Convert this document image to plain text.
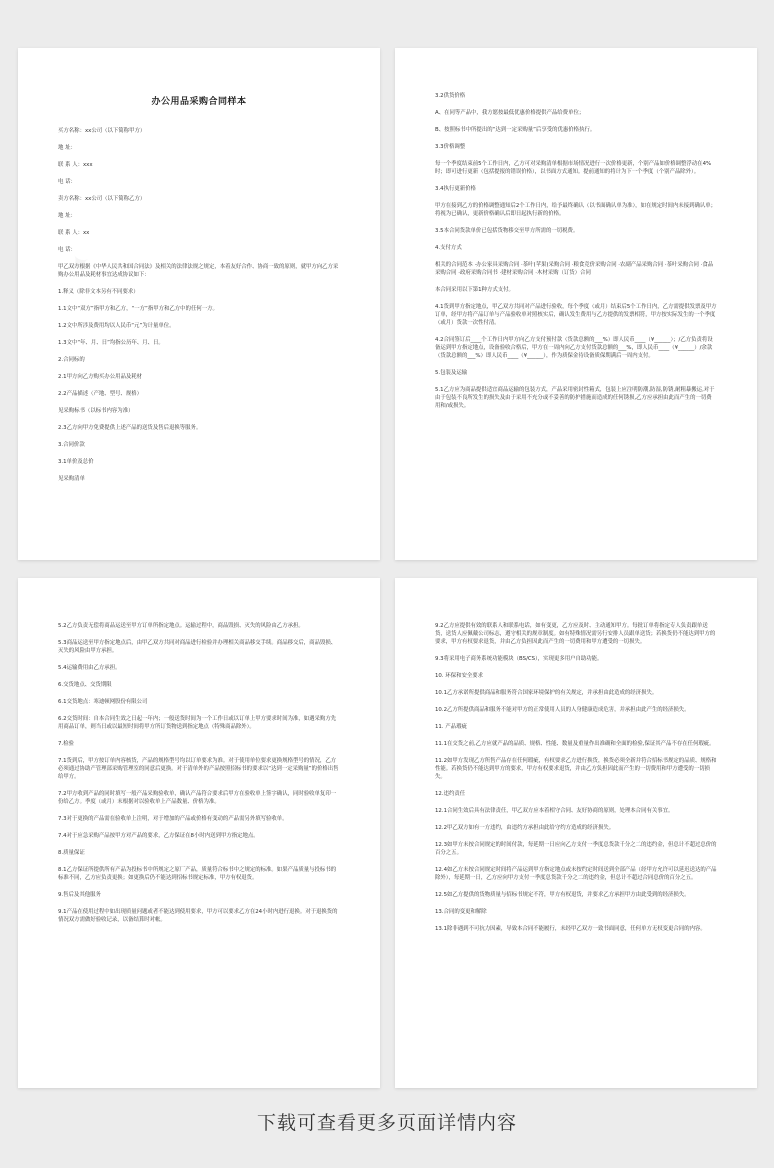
办公用品采购合同样本
买方名称：xx公司（以下简称甲方）
地 址：
联 系 人：xxx
电 话：
卖方名称：xx公司（以下简称乙方）
地 址：
联 系 人：xx
电 话：
甲乙双方根据《中华人民共和国合同法》及相关的法律法规之规定，本着友好合作、协商一致的原则，就甲方向乙方采购办公用品及耗材事宜达成协议如下：
1.释义（除非文本另有不同要求）
1.1文中“双方”指甲方和乙方，“一方”指甲方和乙方中的任何一方。
1.2文中所涉及费用均以人民币“元”为计量单位。
1.3文中“年、月、日”均指公历年、月、日。
2.合同标的
2.1甲方向乙方购买办公用品及耗材
2.2产品描述（产地、型号、规格）
见采购标书（以标书内容为准）
2.3乙方向甲方免费提供上述产品的送货及售后退换等服务。
3.合同价款
3.1单价及总价
见采购清单
3.2供货价格
A、在同等产品中，我方愿按最低优惠价格提供产品给费单位；
B、按照标书中所提出的“达到一定采购量”后享受的优惠价格执行。
3.3价格调整
每一个季度结束前5个工作日内，乙方可对采购清单根据市场情况进行一次价格更新，个别产品如价格调整浮动在4%时；即可进行更新（包括提报的错误价格），以书面方式通知。提前通知的将计为下一个季度（个别产品除外）。
3.4执行更新价格
甲方在接到乙方的价格调整通知后2个工作日内，给予最终确认（以书面确认单为准），如在规定时间内未接到确认单；将视为已确认，更新价格确认后即日起执行新的价格。
3.5本合同货款单价已包括货物移交至甲方所需的一切税费。
4.支付方式
相关的合同范本 ·办公家具采购合同 ·茶叶(苹果)采购合同 ·粮食竞价采购合同 ·农副产品采购合同 ·茶叶采购合同 ·食品采购合同 ·政府采购合同书 ·建材采购合同 ·木材采购（订货）合同
本合同采用以下第1种方式支付。
4.1货到甲方指定地点，甲乙双方共同对产品进行验收，每个季度（或月）结束后5个工作日内，乙方需提供发票及甲方订单，经甲方将产品订单与产品验收单对照核实后，确认发生费用与乙方提供的发票相符，甲方按实际发生的一个季度（或月）货款一次性付清。
4.2合同签订后____个工作日内甲方向乙方支付预付款（货款总额的___%）即人民币____（¥______）；/乙方负责将设备运到甲方指定地点，设备验收合格后，甲方在一周内向乙方支付货款总额的___%，即人民币____（¥______）/余款（货款总额的___%）即人民币____（¥______），作为质保金待设备质保期满后一周内支付。
5.包装及运输
5.1乙方应为商品提供适宜商品运输的包装方式，产品采用密封性箱式，包装上应注明防潮,防湿,防锈,耐粗暴搬运,对于由于包装不良所发生的损失及由于采用不充分或不妥善的防护措施而造成的任何锈损,乙方应承担由此而产生的一切费用和/或损失。
5.2乙方负责无偿将商品运送至甲方订单所指定地点。运输过程中，商品毁损、灭失的风险由乙方承担。
5.3商品运送至甲方指定地点后，由甲乙双方共同对商品进行检验并办理相关商品移交手续。商品移交后，商品毁损、灭失的风险由甲方承担。
5.4运输费用由乙方承担。
6.交货地点、交货期限
6.1交货地点：寒迪顿网股份有限公司
6.2交货时间：自本合同生效之日起一年内；一般送货时间为一个工作日或以订单上甲方要求时间为准，如遇采购方先用商品订单，则当日或以最短时间将甲方所订货物送到指定地点（特殊商品除外）。
7.检验
7.1货到后，甲方按订单内容核货，产品的规格型号均以订单要求为准。对于使用单位要求更换规格型号的情况，乙方必须通过协助产管理部采购管理室的同意后更换。对于清单外的产品按照招标书的要求以“达到一定采购量”的价格出售给甲方。
7.2甲方收到产品的同时填写一般产品采购验收单，确认产品符合要求后甲方在验收单上签字确认，同时验收单复印一份给乙方。季度（或月）末根据对以验收单上产品数量、价格为准。
7.3对于更换的产品需在验收单上注明，对于增加的产品或价格有变动的产品需另外填写验收单。
7.4对于应急采购产品按甲方对产品的要求，乙方保证在8小时内送到甲方指定地点。
8.质量保证
8.1乙方保证所提供所有产品为投标书中所规定之原厂产品，质量符合标书中之规定的标准。如果产品质量与投标书的标准不同，乙方应负责更换；如更换后仍不能达到招标书规定标准，甲方有权退货。
9.售后及其他服务
9.1产品在使用过程中如出现质量问题或者不能达到使用要求，甲方可以要求乙方在24小时内进行退换。对于退换货的情况双方需做好验收记录，以备结算时对帐。
9.2乙方应提供有效的联系人和联系电话，如有变更，乙方应及时、主动通知甲方。每批订单将指定专人负责跟单送货，送货人应佩戴公司标志，遵守相关的规章制度。如有特殊情况需另行安排人员跟单送货；若换货仍不能达到甲方的要求，甲方有权要求退货，并由乙方负担因此而产生的一切费用和甲方遭受的一切损失。
9.3将采用电子商务系统功能模块（BS/CS），实现更多用户自助功能。
10. 环保和安全要求
10.1乙方承诺所提供商品和服务符合国家环境保护的有关规定，并承担由此造成的经济损失。
10.2乙方所提供商品和服务不能对甲方的正常使用人员的人身健康造成危害，并承担由此产生的经济损失。
11. 产品瑕疵
11.1在交货之前,乙方应就产品的品质、规格、性能、数量及重量作出准确和全面的检验,保证其产品不存在任何瑕疵。
11.2如甲方发现乙方所售产品存在任何瑕疵，有权要求乙方进行换货，换货必须全新并符合招标书规定的品质、规格和性能。若换货仍不能达到甲方的要求，甲方有权要求退货，并由乙方负担因此而产生的一切费用和甲方遭受的一切损失。
12.违约责任
12.1合同生效后具有法律责任，甲乙双方应本着相守合同、友好协商的原则，处理本合同有关事宜。
12.2甲乙双方如有一方违约，由违约方承担由此给守约方造成的经济损失。
12.3如甲方未按合同规定的时间付款，每延期一日应向乙方支付一季度总货款千分之二的违约金，但总计不超过总价的百分之五。
12.4如乙方未按合同规定时间将产品运到甲方指定地点或未按约定时间送到全部产品（经甲方允许可以延迟送达的产品除外），每延期一日，乙方应向甲方支付一季度总货款千分之二的违约金，但总计不超过合同总价的百分之五。
12.5如乙方提供的货物质量与招标书规定不符，甲方有权退货，并要求乙方承担甲方由此受到的经济损失。
13.合同的变更和解除
13.1除非遇到不可抗力因素，导致本合同不能履行，未经甲乙双方一致书面同意，任何单方无权变更合同的内容。
下载可查看更多页面详情内容
